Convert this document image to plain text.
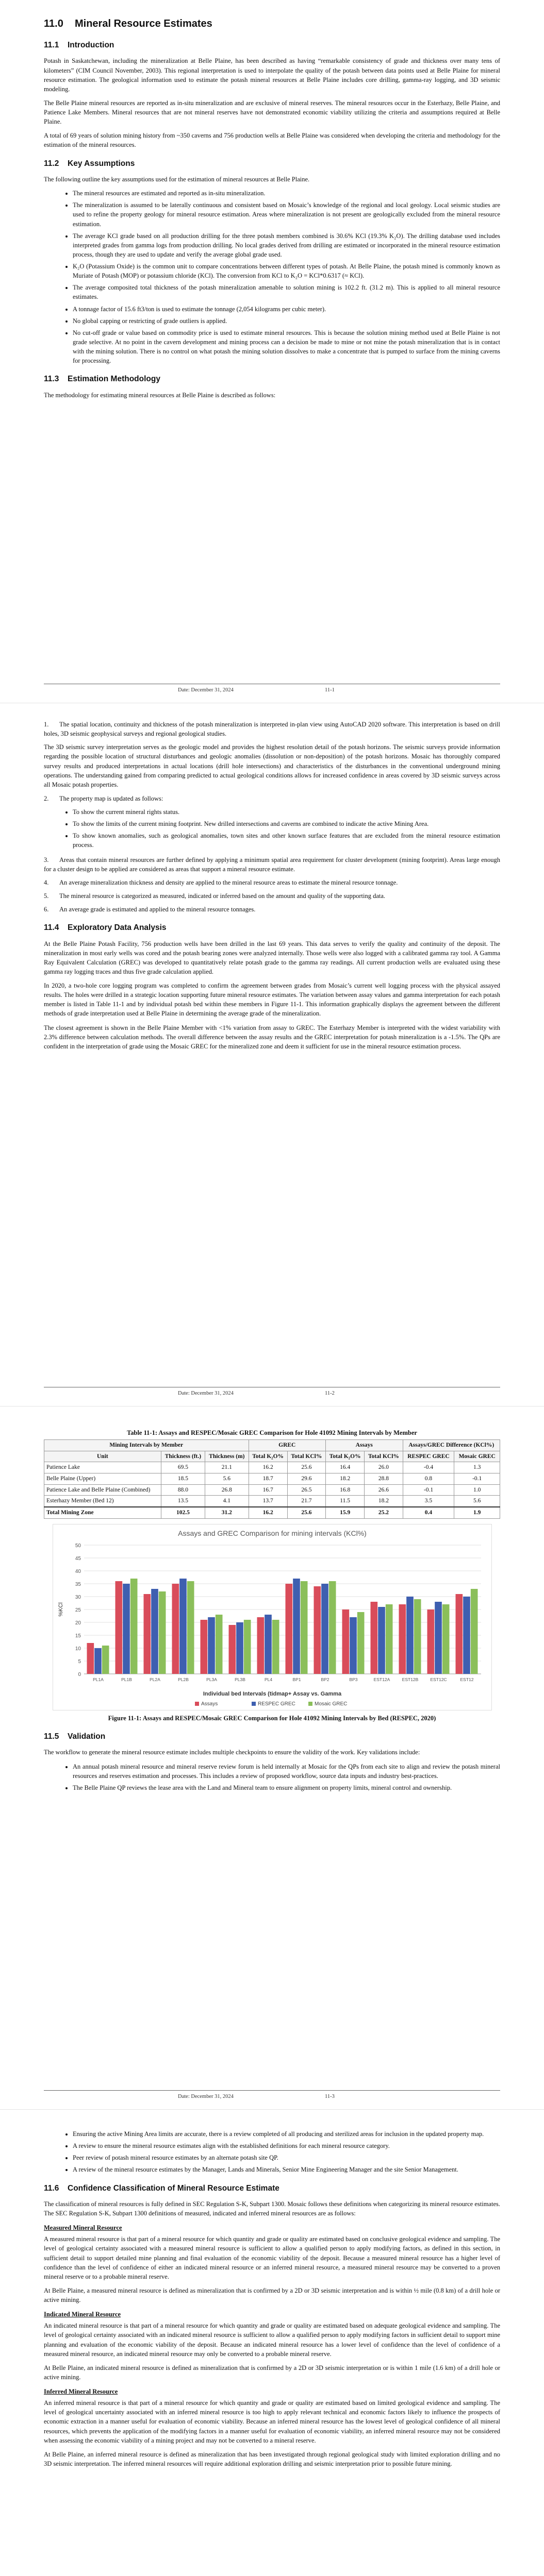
11.0 Mineral Resource Estimates
11.1 Introduction

Potash in Saskatchewan, including the mineralization at Belle Plaine, has been described as having “remarkable consistency of grade and thickness over many tens of kilometers” (CIM Council November, 2003). This regional interpretation is used to interpolate the quality of the potash between data points used at Belle Plaine for mineral resource estimation. The geological information used to estimate the potash mineral resources at Belle Plaine includes core drilling, gamma-ray logging, and 3D seismic modeling.

The Belle Plaine mineral resources are reported as in-situ mineralization and are exclusive of mineral reserves. The mineral resources occur in the Esterhazy, Belle Plaine, and Patience Lake Members. Mineral resources that are not mineral reserves have not demonstrated economic viability utilizing the criteria and assumptions required at Belle Plaine.

A total of 69 years of solution mining history from ~350 caverns and 756 production wells at Belle Plaine was considered when developing the criteria and methodology for the estimation of the mineral resources.

11.2 Key Assumptions

The following outline the key assumptions used for the estimation of mineral resources at Belle Plaine.

• The mineral resources are estimated and reported as in-situ mineralization.
• The mineralization is assumed to be laterally continuous and consistent based on Mosaic’s knowledge of the regional and local geology. Local seismic studies are used to refine the property geology for mineral resource estimation. Areas where mineralization is not present are geologically excluded from the mineral resource estimation.
• The average KCl grade based on all production drilling for the three potash members combined is 30.6% KCl (19.3% K₂O). The drilling database used includes interpreted grades from gamma logs from production drilling. No local grades derived from drilling are estimated or incorporated in the mineral resource estimation process, though they are used to update and verify the average global grade used.
• K₂O (Potassium Oxide) is the common unit to compare concentrations between different types of potash. At Belle Plaine, the potash mined is commonly known as Muriate of Potash (MOP) or potassium chloride (KCl). The conversion from KCl to K₂O = KCl*0.6317 (≈ KCl).
• The average composited total thickness of the potash mineralization amenable to solution mining is 102.2 ft. (31.2 m). This is applied to all mineral resource estimates.
• A tonnage factor of 15.6 ft3/ton is used to estimate the tonnage (2,054 kilograms per cubic meter).
• No global capping or restricting of grade outliers is applied.
• No cut-off grade or value based on commodity price is used to estimate mineral resources. This is because the solution mining method used at Belle Plaine is not grade selective. At no point in the cavern development and mining process can a decision be made to mine or not mine the potash mineralization that is in contact with the mining solution. There is no control on what potash the mining solution dissolves to make a concentrate that is pumped to surface from the mining caverns for processing.
11.3 Estimation Methodology

The methodology for estimating mineral resources at Belle Plaine is described as follows:

Date: December 31, 2024	11-1
1. The spatial location, continuity and thickness of the potash mineralization is interpreted in-plan view using AutoCAD 2020 software. This interpretation is based on drill holes, 3D seismic geophysical surveys and regional geological studies.

The 3D seismic survey interpretation serves as the geologic model and provides the highest resolution detail of the potash horizons. The seismic surveys provide information regarding the possible location of structural disturbances and geologic anomalies (dissolution or non-deposition) of the potash horizons. Mosaic has thoroughly compared survey results and produced interpretations in actual locations (drill hole intersections) and characteristics of the disturbances in the conventional underground mining operations. The understanding gained from comparing predicted to actual geological conditions allows for increased confidence in areas covered by 3D seismic surveys across all Mosaic potash properties.

2. The property map is updated as follows:
• To show the current mineral rights status.
• To show the limits of the current mining footprint. New drilled intersections and caverns are combined to indicate the active Mining Area.
• To show known anomalies, such as geological anomalies, town sites and other known surface features that are excluded from the mineral resource estimation process.
3. Areas that contain mineral resources are further defined by applying a minimum spatial area requirement for cluster development (mining footprint). Areas large enough for a cluster design to be applied are considered as areas that support a mineral resource estimate.
4. An average mineralization thickness and density are applied to the mineral resource areas to estimate the mineral resource tonnage.
5. The mineral resource is categorized as measured, indicated or inferred based on the amount and quality of the supporting data.
6. An average grade is estimated and applied to the mineral resource tonnages.
11.4 Exploratory Data Analysis

At the Belle Plaine Potash Facility, 756 production wells have been drilled in the last 69 years. This data serves to verify the quality and continuity of the deposit. The mineralization in most early wells was cored and the potash bearing zones were analyzed internally. Those wells were also logged with a calibrated gamma ray tool. A Gamma Ray Equivalent Calculation (GREC) was developed to quantitatively relate potash grade to the gamma ray readings. All current production wells are evaluated using these gamma ray logging traces and thus five grade calculation applied.

In 2020, a two-hole core logging program was completed to confirm the agreement between grades from Mosaic’s current well logging process with the physical assayed results. The holes were drilled in a strategic location supporting future mineral resource estimates. The variation between assay values and gamma interpretation for each potash member is listed in Table 11-1 and by individual potash bed within these members in Figure 11-1. This information graphically displays the agreement between the different methods of grade interpretation used at Belle Plaine in determining the average grade of the mineralization.

The closest agreement is shown in the Belle Plaine Member with <1% variation from assay to GREC. The Esterhazy Member is interpreted with the widest variability with 2.3% difference between calculation methods. The overall difference between the assay results and the GREC interpretation for potash mineralization is a -1.5%. The QPs are confident in the interpretation of grade using the Mosaic GREC for the mineralized zone and deem it sufficient for use in the mineral resource estimation process.

Date: December 31, 2024	11-2
Table 11-1: Assays and RESPEC/Mosaic GREC Comparison for Hole 41092 Mining Intervals by Member
Mining Intervals by Member			GREC		Assays		Assays/GREC Difference (KCl%)	
Unit	Thickness (ft.)	Thickness (m)	Total K₂O%	Total KCl%	Total K₂O%	Total KCl%	RESPEC GREC	Mosaic GREC
Patience Lake	69.5	21.1	16.2	25.6	16.4	26.0	-0.4	1.3
Belle Plaine (Upper)	18.5	5.6	18.7	29.6	18.2	28.8	0.8	-0.1
Patience Lake and Belle Plaine (Combined)	88.0	26.8	16.7	26.5	16.8	26.6	-0.1	1.0
Esterhazy Member (Bed 12)	13.5	4.1	13.7	21.7	11.5	18.2	3.5	5.6
Total Mining Zone	102.5	31.2	16.2	25.6	15.9	25.2	0.4	1.9
Assays and GREC Comparison for mining intervals (KCl%)
0
5
10
15
20
25
30
35
40
45
50
%KCl
PL1A	PL1B	PL2A	PL2B	PL3A	PL3B	PL4	BP1	BP2	BP3	EST12A	EST12B	EST12C	EST12
Individual bed Intervals (tidmap+ Assay vs. Gamma
Assays	RESPEC GREC	Mosaic GREC
Figure 11-1: Assays and RESPEC/Mosaic GREC Comparison for Hole 41092 Mining Intervals by Bed (RESPEC, 2020)
11.5 Validation

The workflow to generate the mineral resource estimate includes multiple checkpoints to ensure the validity of the work. Key validations include:

• An annual potash mineral resource and mineral reserve review forum is held internally at Mosaic for the QPs from each site to align and review the potash mineral resources and reserves estimation and processes. This includes a review of proposed workflow, source data inputs and industry best-practices.
• The Belle Plaine QP reviews the lease area with the Land and Mineral team to ensure alignment on property limits, mineral control and ownership.
Date: December 31, 2024	11-3
• Ensuring the active Mining Area limits are accurate, there is a review completed of all producing and sterilized areas for inclusion in the updated property map.
• A review to ensure the mineral resource estimates align with the established definitions for each mineral resource category.
• Peer review of potash mineral resource estimates by an alternate potash site QP.
• A review of the mineral resource estimates by the Manager, Lands and Minerals, Senior Mine Engineering Manager and the site Senior Management.
11.6 Confidence Classification of Mineral Resource Estimate

The classification of mineral resources is fully defined in SEC Regulation S-K, Subpart 1300. Mosaic follows these definitions when categorizing its mineral resource estimates. The SEC Regulation S-K, Subpart 1300 definitions of measured, indicated and inferred mineral resources are as follows:

Measured Mineral Resource

A measured mineral resource is that part of a mineral resource for which quantity and grade or quality are estimated based on conclusive geological evidence and sampling. The level of geological certainty associated with a measured mineral resource is sufficient to allow a qualified person to apply modifying factors, as defined in this section, in sufficient detail to support detailed mine planning and final evaluation of the economic viability of the deposit. Because a measured mineral resource has a higher level of confidence than the level of confidence of either an indicated mineral resource or an inferred mineral resource, a measured mineral resource may be converted to a proven mineral reserve or to a probable mineral reserve.

At Belle Plaine, a measured mineral resource is defined as mineralization that is confirmed by a 2D or 3D seismic interpretation and is within ½ mile (0.8 km) of a drill hole or active mining.

Indicated Mineral Resource

An indicated mineral resource is that part of a mineral resource for which quantity and grade or quality are estimated based on adequate geological evidence and sampling. The level of geological certainty associated with an indicated mineral resource is sufficient to allow a qualified person to apply modifying factors in sufficient detail to support mine planning and evaluation of the economic viability of the deposit. Because an indicated mineral resource has a lower level of confidence than the level of confidence of a measured mineral resource, an indicated mineral resource may only be converted to a probable mineral reserve.

At Belle Plaine, an indicated mineral resource is defined as mineralization that is confirmed by a 2D or 3D seismic interpretation or is within 1 mile (1.6 km) of a drill hole or active mining.

Inferred Mineral Resource

An inferred mineral resource is that part of a mineral resource for which quantity and grade or quality are estimated based on limited geological evidence and sampling. The level of geological uncertainty associated with an inferred mineral resource is too high to apply relevant technical and economic factors likely to influence the prospects of economic extraction in a manner useful for evaluation of economic viability. Because an inferred mineral resource has the lowest level of geological confidence of all mineral resources, which prevents the application of the modifying factors in a manner useful for evaluation of economic viability, an inferred mineral resource may not be considered when assessing the economic viability of a mining project and may not be converted to a mineral reserve.

At Belle Plaine, an inferred mineral resource is defined as mineralization that has been investigated through regional geological study with limited exploration drilling and no 3D seismic interpretation. The inferred mineral resources will require additional exploration drilling and seismic interpretation prior to possible future mining.
